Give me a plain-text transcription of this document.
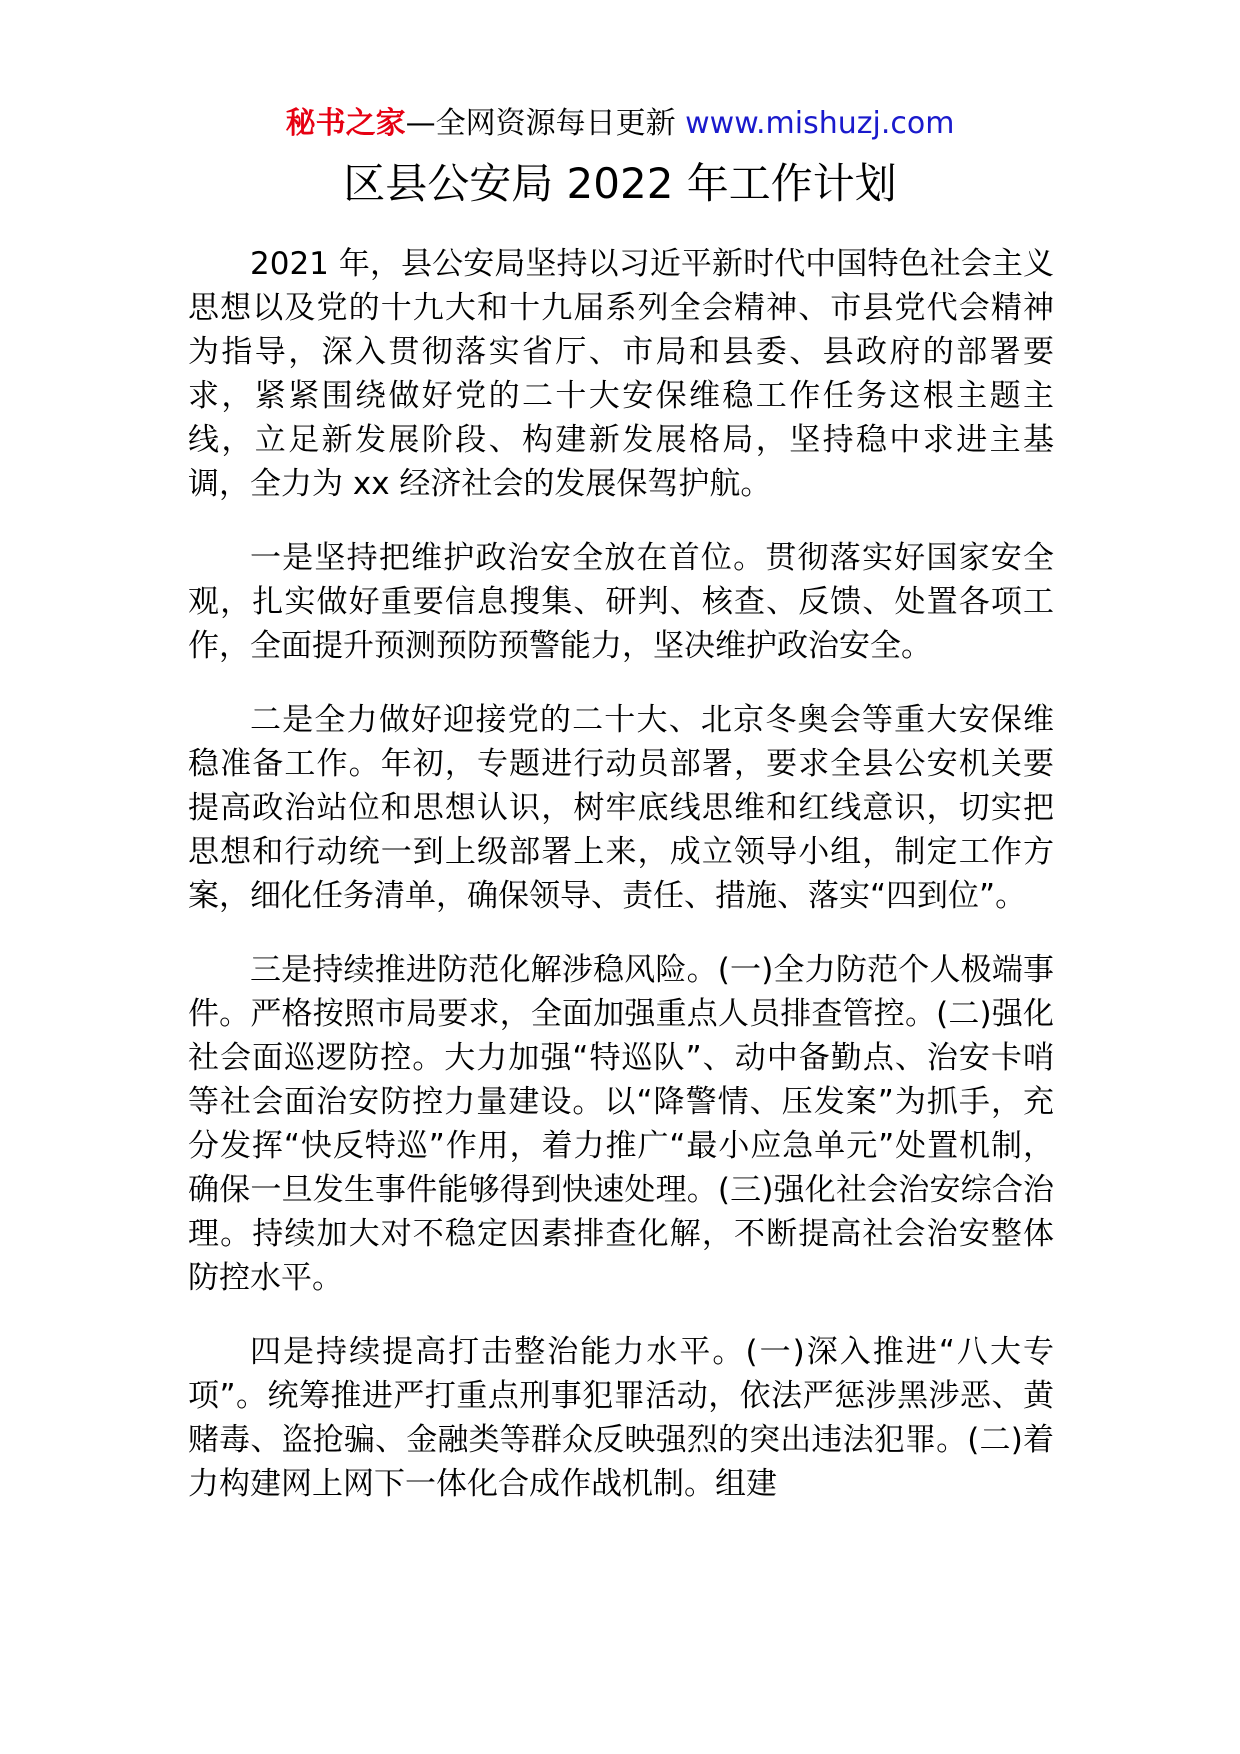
秘书之家—全网资源每日更新 www.mishuzj.com
区县公安局 2022 年工作计划

2021 年，县公安局坚持以习近平新时代中国特色社会主义思想以及党的十九大和十九届系列全会精神、市县党代会精神为指导，深入贯彻落实省厅、市局和县委、县政府的部署要求，紧紧围绕做好党的二十大安保维稳工作任务这根主题主线，立足新发展阶段、构建新发展格局，坚持稳中求进主基调，全力为 xx 经济社会的发展保驾护航。

一是坚持把维护政治安全放在首位。贯彻落实好国家安全观，扎实做好重要信息搜集、研判、核查、反馈、处置各项工作，全面提升预测预防预警能力，坚决维护政治安全。

二是全力做好迎接党的二十大、北京冬奥会等重大安保维稳准备工作。年初，专题进行动员部署，要求全县公安机关要提高政治站位和思想认识，树牢底线思维和红线意识，切实把思想和行动统一到上级部署上来，成立领导小组，制定工作方案，细化任务清单，确保领导、责任、措施、落实“四到位”。

三是持续推进防范化解涉稳风险。(一)全力防范个人极端事件。严格按照市局要求，全面加强重点人员排查管控。(二)强化社会面巡逻防控。大力加强“特巡队”、动中备勤点、治安卡哨等社会面治安防控力量建设。以“降警情、压发案”为抓手，充分发挥“快反特巡”作用，着力推广“最小应急单元”处置机制，确保一旦发生事件能够得到快速处理。(三)强化社会治安综合治理。持续加大对不稳定因素排查化解，不断提高社会治安整体防控水平。

四是持续提高打击整治能力水平。(一)深入推进“八大专项”。统筹推进严打重点刑事犯罪活动，依法严惩涉黑涉恶、黄赌毒、盗抢骗、金融类等群众反映强烈的突出违法犯罪。(二)着力构建网上网下一体化合成作战机制。组建
